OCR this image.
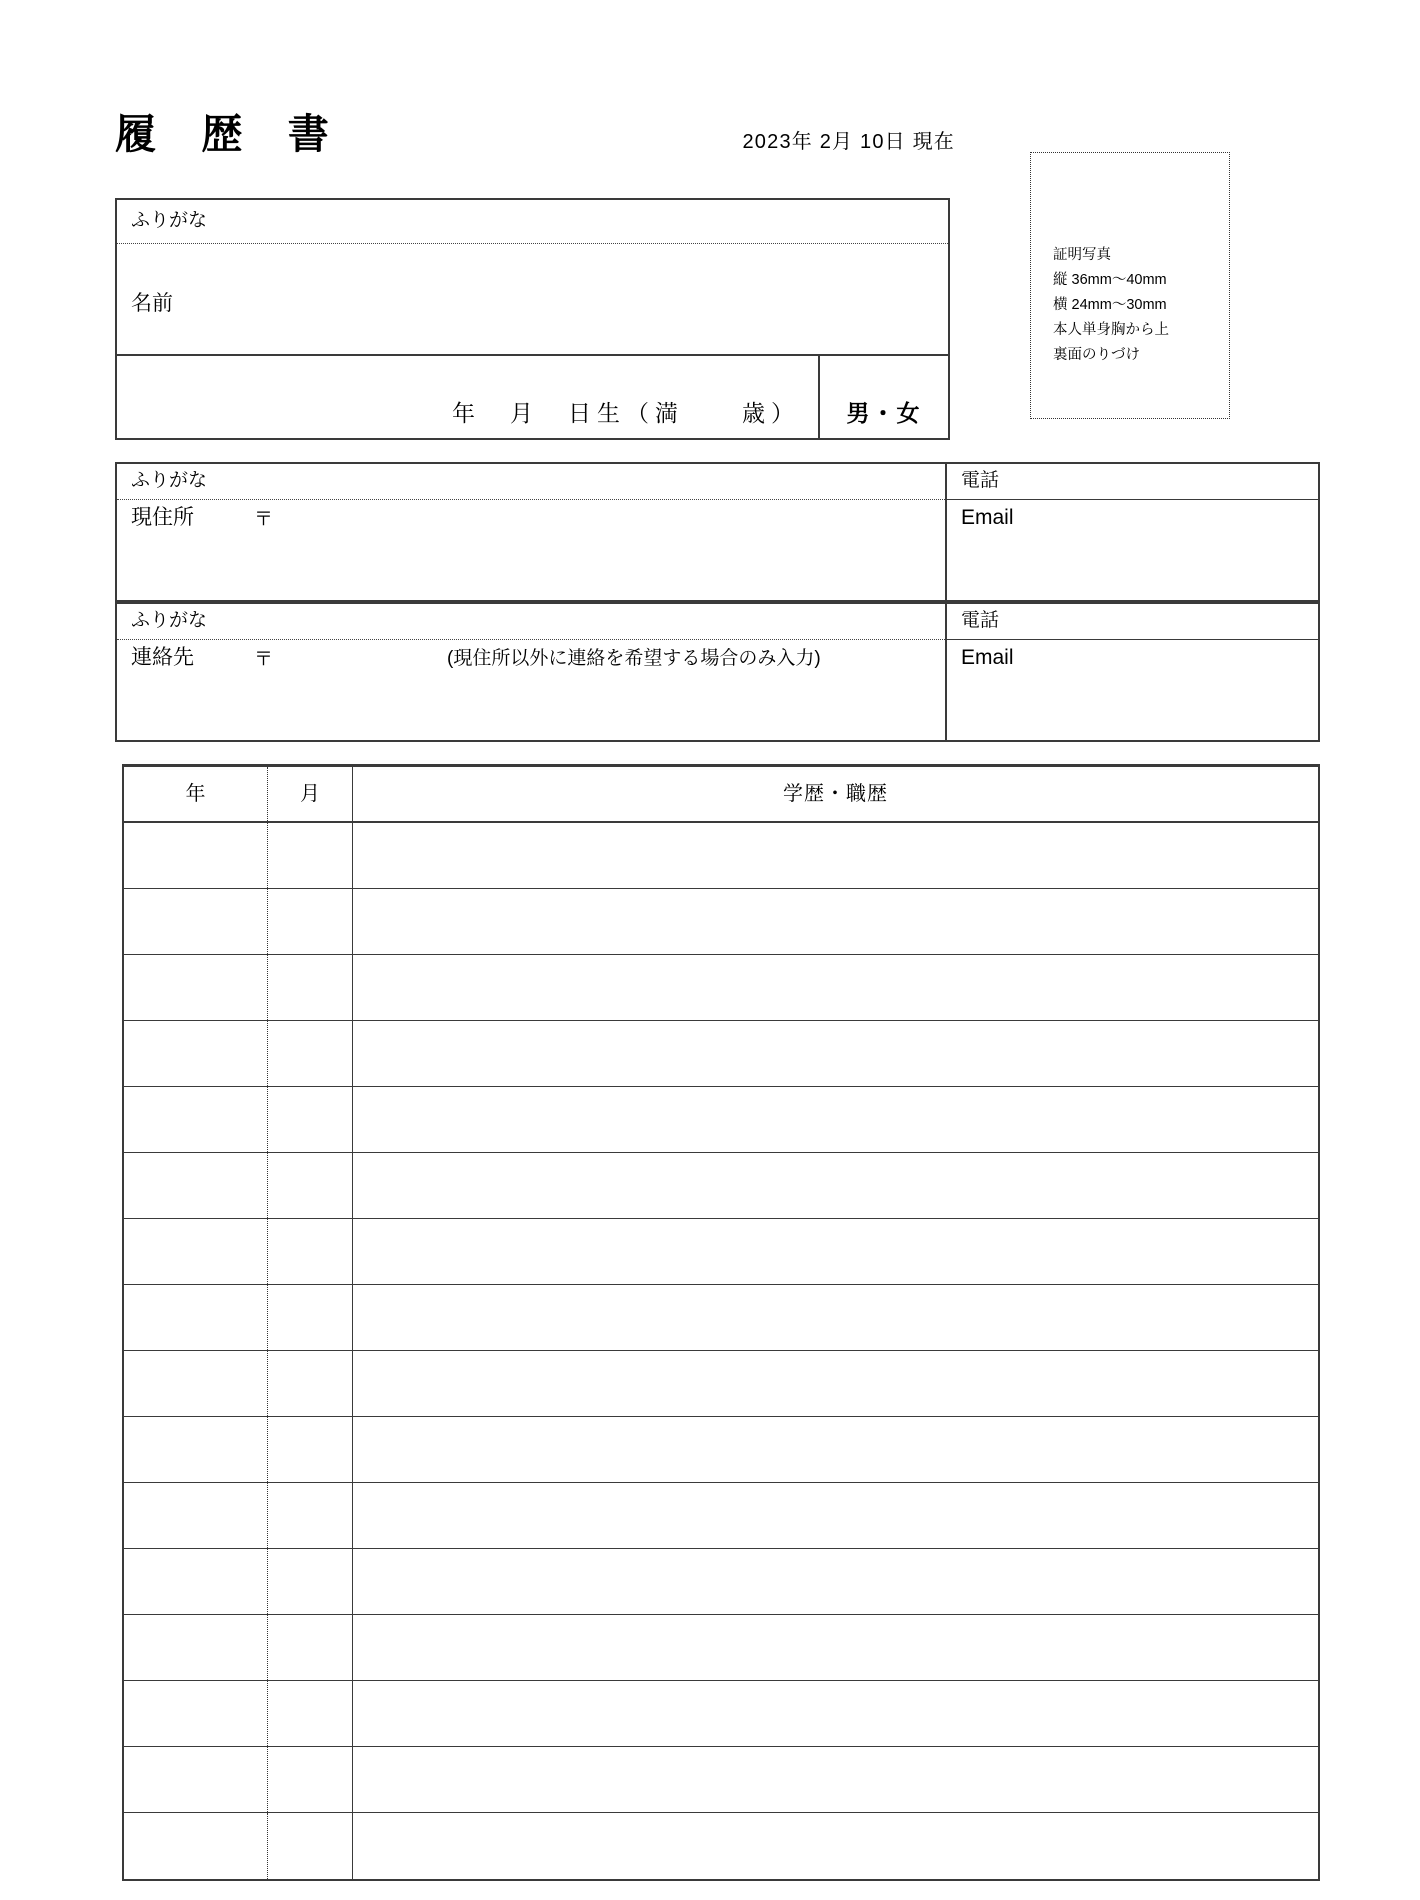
履 歴 書	2023年 2月 10日 現在
証明写真
縦 36mm〜40mm
横 24mm〜30mm
本人単身胸から上
裏面のりづけ
ふりがな
名前
年　月　日生（満　　歳） 男・女
ふりがな
現住所	〒
電話
Email
ふりがな
連絡先	〒	(現住所以外に連絡を希望する場合のみ入力)
電話
Email
年	月	学歴・職歴
